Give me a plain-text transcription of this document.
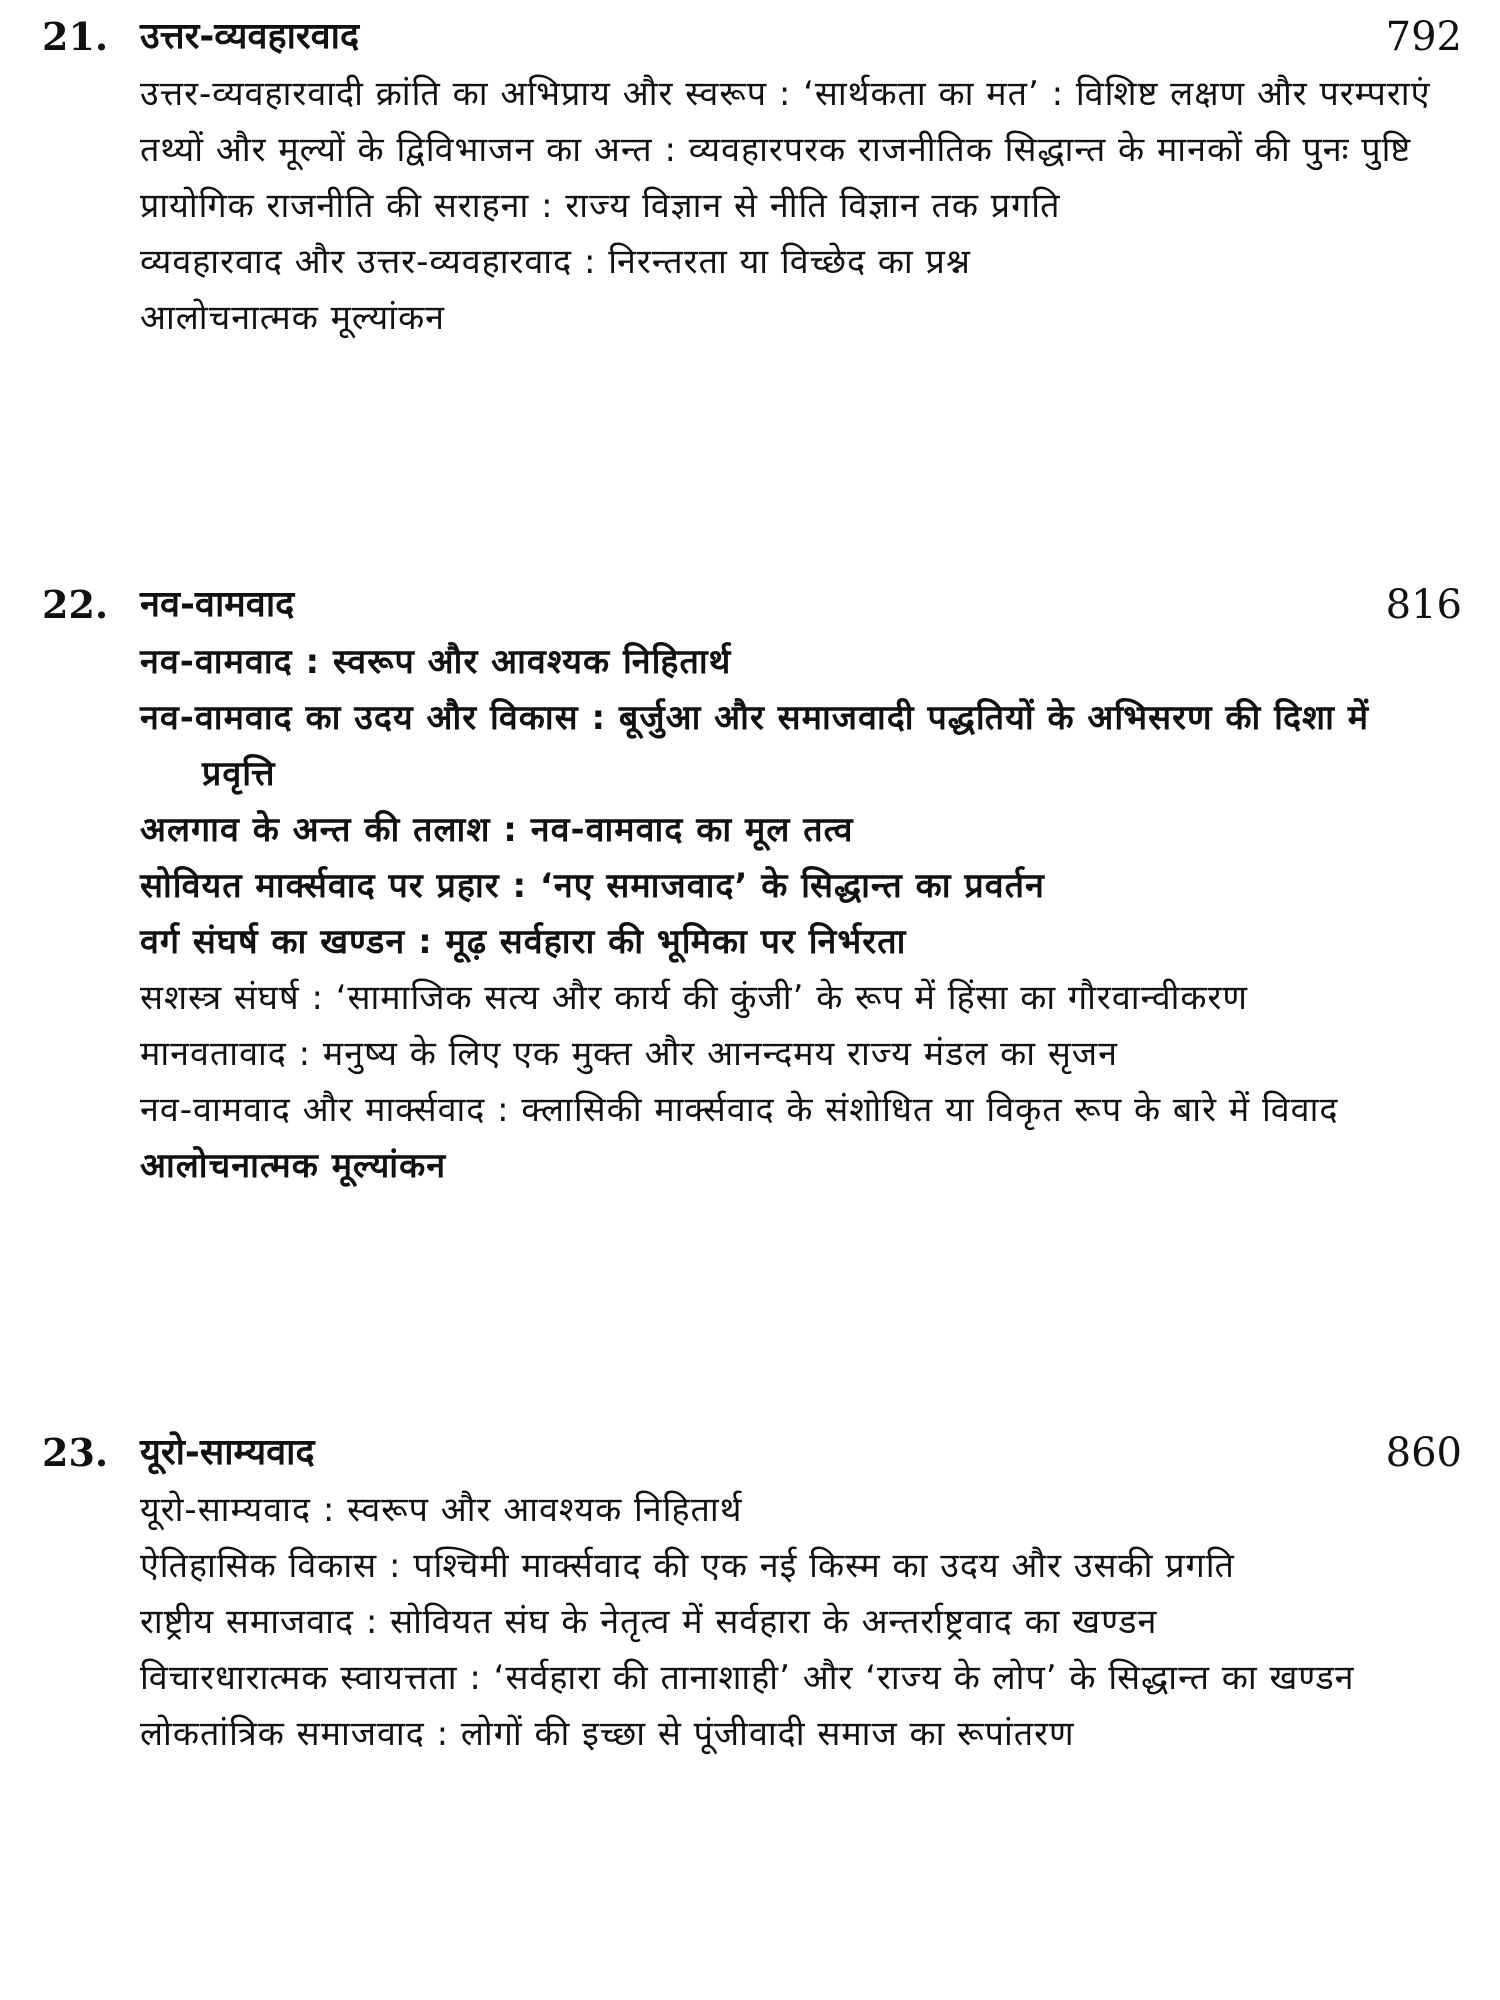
21. उत्तर-व्यवहारवाद	792
उत्तर-व्यवहारवादी क्रांति का अभिप्राय और स्वरूप : ‘सार्थकता का मत’ : विशिष्ट लक्षण और परम्पराएं
तथ्यों और मूल्यों के द्विविभाजन का अन्त : व्यवहारपरक राजनीतिक सिद्धान्त के मानकों की पुनः पुष्टि
प्रायोगिक राजनीति की सराहना : राज्य विज्ञान से नीति विज्ञान तक प्रगति
व्यवहारवाद और उत्तर-व्यवहारवाद : निरन्तरता या विच्छेद का प्रश्न
आलोचनात्मक मूल्यांकन
22. नव-वामवाद	816
नव-वामवाद : स्वरूप और आवश्यक निहितार्थ
नव-वामवाद का उदय और विकास : बूर्जुआ और समाजवादी पद्धतियों के अभिसरण की दिशा में प्रवृत्ति
अलगाव के अन्त की तलाश : नव-वामवाद का मूल तत्व
सोवियत मार्क्सवाद पर प्रहार : ‘नए समाजवाद’ के सिद्धान्त का प्रवर्तन
वर्ग संघर्ष का खण्डन : मूढ़ सर्वहारा की भूमिका पर निर्भरता
सशस्त्र संघर्ष : ‘सामाजिक सत्य और कार्य की कुंजी’ के रूप में हिंसा का गौरवान्वीकरण
मानवतावाद : मनुष्य के लिए एक मुक्त और आनन्दमय राज्य मंडल का सृजन
नव-वामवाद और मार्क्सवाद : क्लासिकी मार्क्सवाद के संशोधित या विकृत रूप के बारे में विवाद
आलोचनात्मक मूल्यांकन
23. यूरो-साम्यवाद	860
यूरो-साम्यवाद : स्वरूप और आवश्यक निहितार्थ
ऐतिहासिक विकास : पश्चिमी मार्क्सवाद की एक नई किस्म का उदय और उसकी प्रगति
राष्ट्रीय समाजवाद : सोवियत संघ के नेतृत्व में सर्वहारा के अन्तर्राष्ट्रवाद का खण्डन
विचारधारात्मक स्वायत्तता : ‘सर्वहारा की तानाशाही’ और ‘राज्य के लोप’ के सिद्धान्त का खण्डन
लोकतांत्रिक समाजवाद : लोगों की इच्छा से पूंजीवादी समाज का रूपांतरण
